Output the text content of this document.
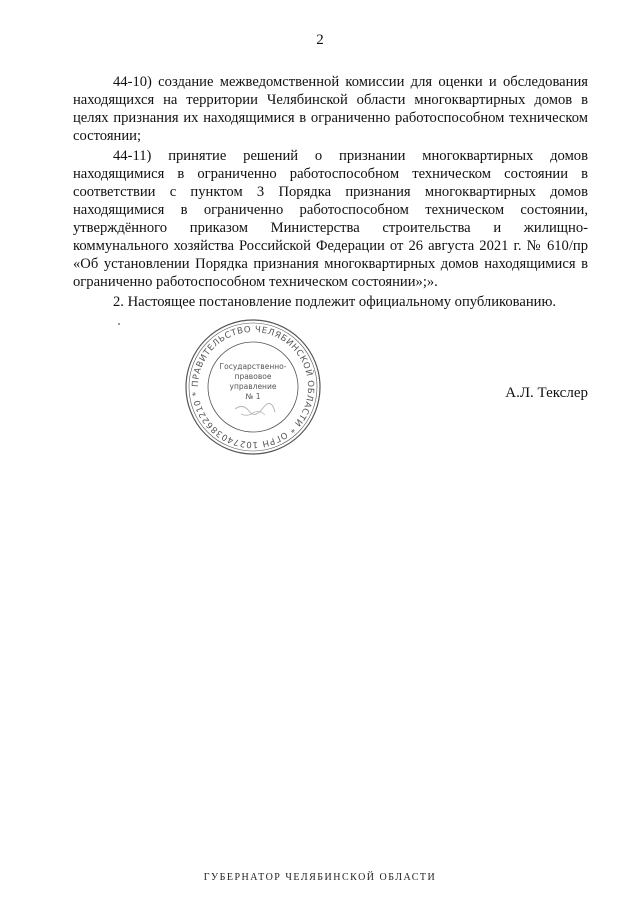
2

44-10) создание межведомственной комиссии для оценки и обследования находящихся на территории Челябинской области многоквартирных домов в целях признания их находящимися в ограниченно работоспособном техническом состоянии;

44-11) принятие решений о признании многоквартирных домов находящимися в ограниченно работоспособном техническом состоянии в соответствии с пунктом 3 Порядка признания многоквартирных домов находящимися в ограниченно работоспособном техническом состоянии, утверждённого приказом Министерства строительства и жилищно-коммунального хозяйства Российской Федерации от 26 августа 2021 г. № 610/пр «Об установлении Порядка признания многоквартирных домов находящимися в ограниченно работоспособном техническом состоянии»;».

2. Настоящее постановление подлежит официальному опубликованию.

ПРАВИТЕЛЬСТВО ЧЕЛЯБИНСКОЙ ОБЛАСТИ * ОГРН 1027403862210 *
Государственно-
правовое
управление
№ 1	А.Л. Текслер
ГУБЕРНАТОР ЧЕЛЯБИНСКОЙ ОБЛАСТИ
